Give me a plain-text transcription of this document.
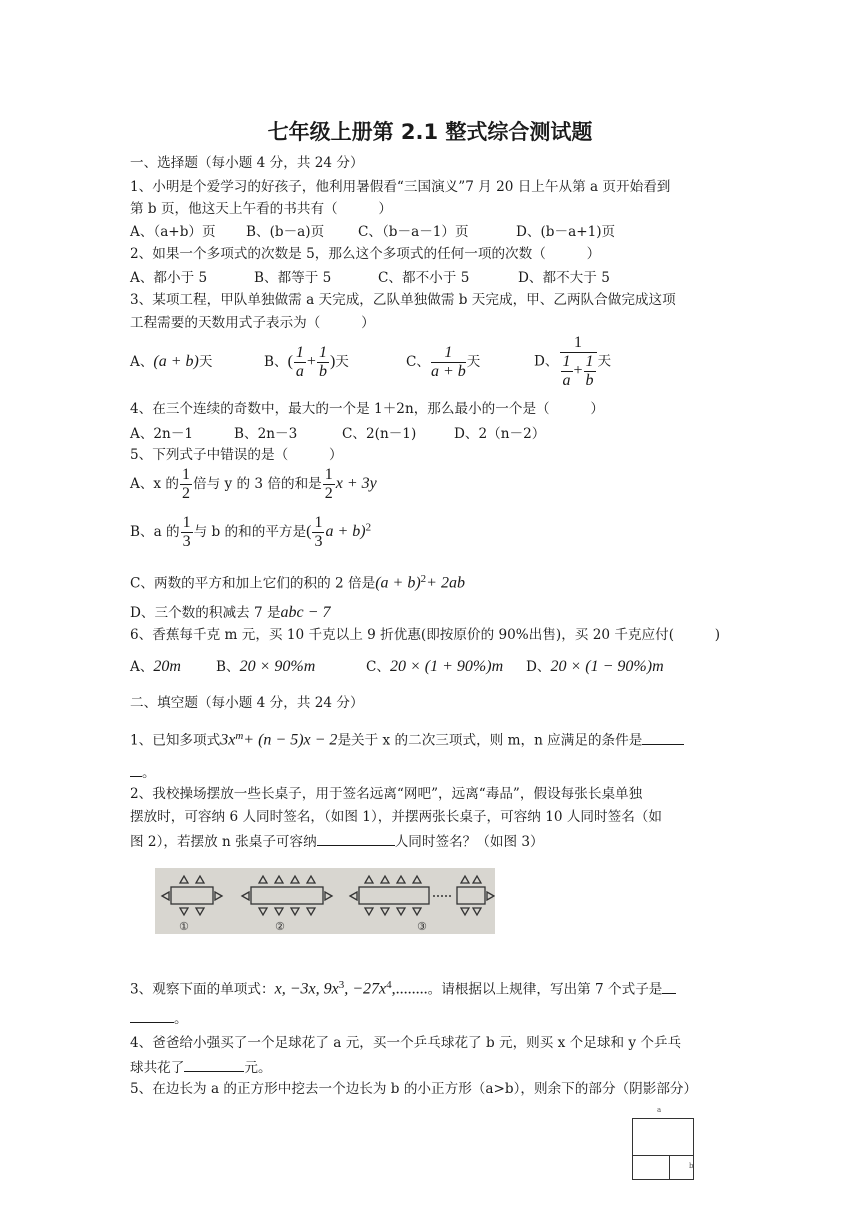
七年级上册第 2.1 整式综合测试题
一、选择题（每小题 4 分，共 24 分）
1、小明是个爱学习的好孩子，他利用暑假看“三国演义”7 月 20 日上午从第 a 页开始看到
第 b 页，他这天上午看的书共有（　　　）
A、（a+b）页 B、(b－a)页 C、（b－a－1）页	D、(b－a+1)页
2、如果一个多项式的次数是 5，那么这个多项式的任何一项的次数（　　　）
A、都小于 5	B、都等于 5	C、都不小于 5	D、都不大于 5
3、某项工程，甲队单独做需 a 天完成，乙队单独做需 b 天完成，甲、乙两队合做完成这项
工程需要的天数用式子表示为（　　　）
A、(a + b)天	B、( $\frac{1}{a} + \frac{1}{b}$ )天	C、 $\frac{1}{a + b}$ 天	D、 $\frac{1}{\frac{1}{a} + \frac{1}{b}}$ 天
4、在三个连续的奇数中，最大的一个是 1＋2n，那么最小的一个是（　　　）
A、2n－1	B、2n－3	C、2(n－1)	D、2（n－2）
5、下列式子中错误的是（　　　）
A、x 的 $\frac{1}{2}$ 倍与 y 的 3 倍的和是 $\frac{1}{2}$ x + 3y
B、a 的 $\frac{1}{3}$ 与 b 的和的平方是( $\frac{1}{3}$ a + b)$^2$
C、两数的平方和加上它们的积的 2 倍是$(a + b)^2+ 2ab$
D、三个数的积减去 7 是abc − 7
6、香蕉每千克 m 元，买 10 千克以上 9 折优惠(即按原价的 90%出售)，买 20 千克应付(　　　)
A、20m	B、20 × 90%m	C、20 × (1 + 90%)m D、20 × (1 − 90%)m
二、填空题（每小题 4 分，共 24 分）
1、已知多项式$3x^m+ (n - 5)x - 2$是关于 x 的二次三项式，则 m，n 应满足的条件是
。
2、我校操场摆放一些长桌子，用于签名远离“网吧”，远离“毒品”，假设每张长桌单独
摆放时，可容纳 6 人同时签名，（如图 1），并摆两张长桌子，可容纳 10 人同时签名（如
图 2），若摆放 n 张桌子可容纳	人同时签名？（如图 3）
①	②	③
3、观察下面的单项式：x, −3x, $9x^3$, $-27x^4$,........。请根据以上规律，写出第 7 个式子是
。
4、爸爸给小强买了一个足球花了 a 元，买一个乒乓球花了 b 元，则买 x 个足球和 y 个乒乓
球共花了	元。
5、在边长为 a 的正方形中挖去一个边长为 b 的小正方形（a>b），则余下的部分（阴影部分）
a
b
